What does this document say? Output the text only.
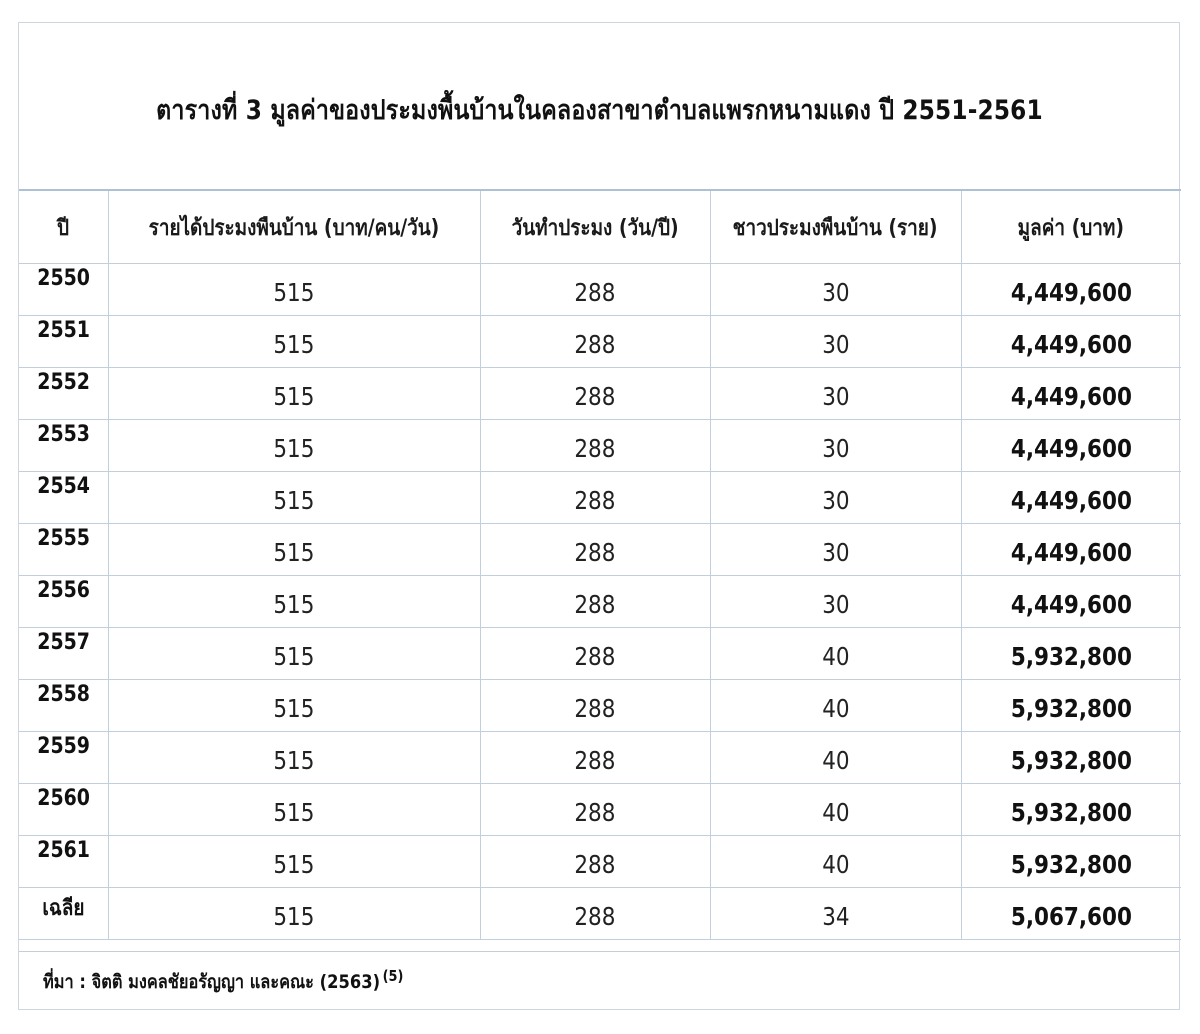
ตารางที่ 3 มูลค่าของประมงพื้นบ้านในคลองสาขาตำบลแพรกหนามแดง ปี 2551-2561
ปี	รายได้ประมงพืนบ้าน (บาท/คน/วัน)	วันทำประมง (วัน/ปี)	ชาวประมงพืนบ้าน (ราย)	มูลค่า (บาท)
2550	515	288	30	4,449,600
2551	515	288	30	4,449,600
2552	515	288	30	4,449,600
2553	515	288	30	4,449,600
2554	515	288	30	4,449,600
2555	515	288	30	4,449,600
2556	515	288	30	4,449,600
2557	515	288	40	5,932,800
2558	515	288	40	5,932,800
2559	515	288	40	5,932,800
2560	515	288	40	5,932,800
2561	515	288	40	5,932,800
เฉลีย	515	288	34	5,067,600
ที่มา : จิตติ มงคลชัยอรัญญา และคณะ (2563) $^{(5)}$
